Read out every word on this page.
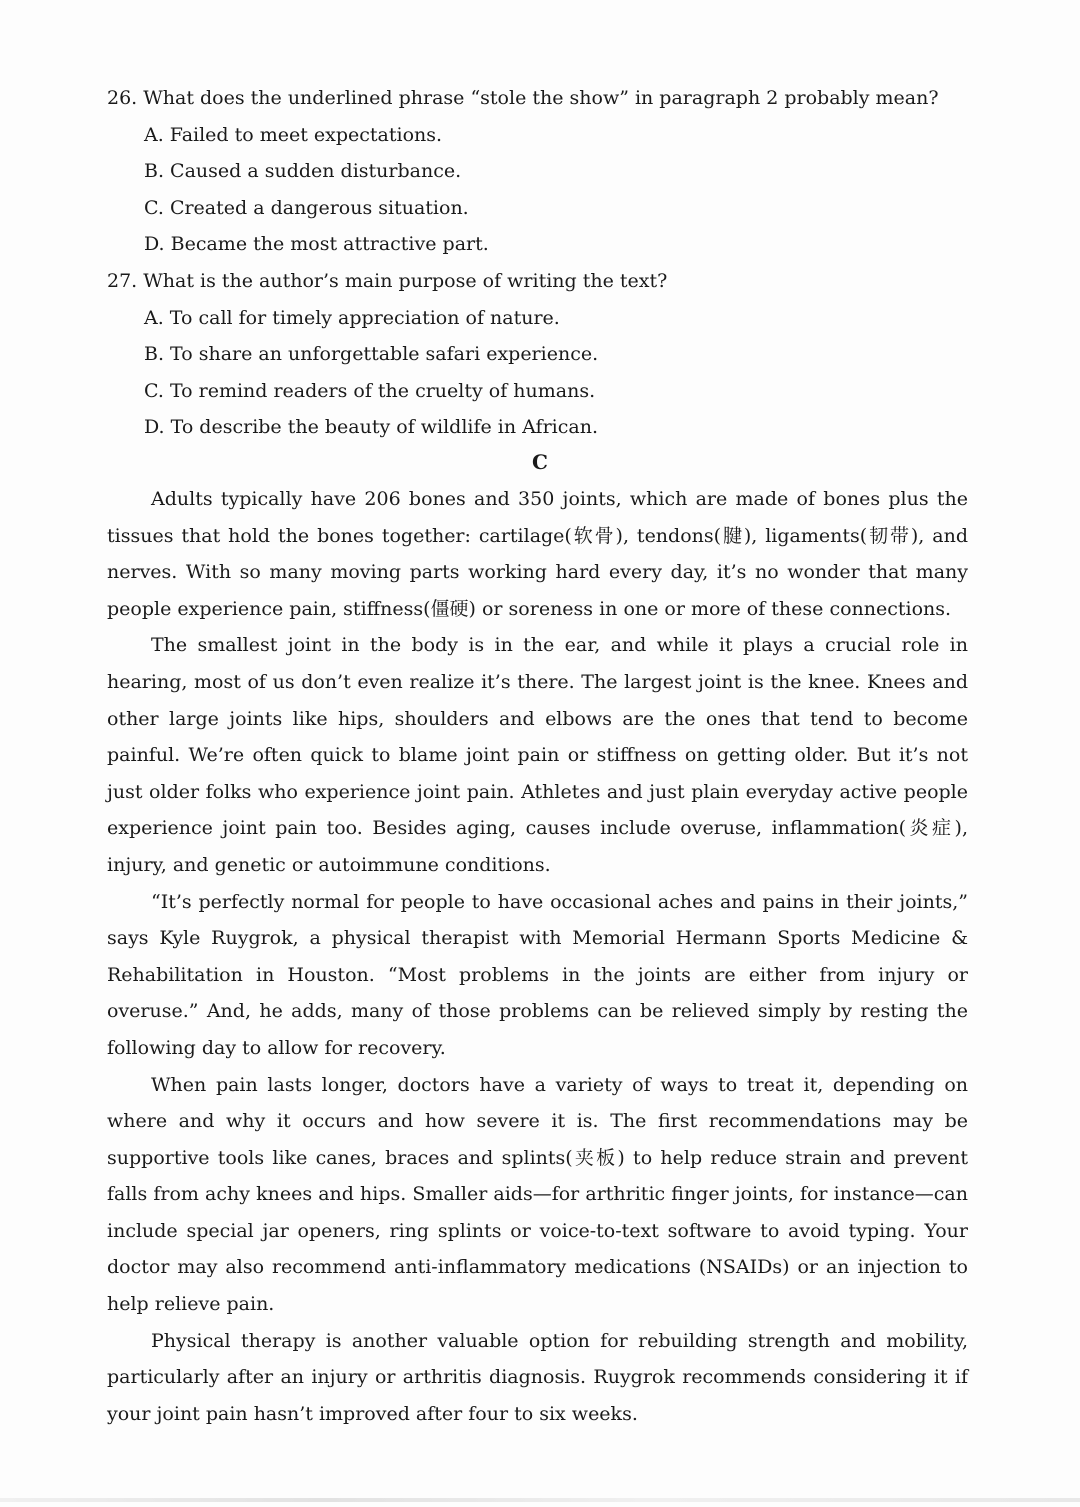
26. What does the underlined phrase “stole the show” in paragraph 2 probably mean?
A. Failed to meet expectations.
B. Caused a sudden disturbance.
C. Created a dangerous situation.
D. Became the most attractive part.
27. What is the author’s main purpose of writing the text?
A. To call for timely appreciation of nature.
B. To share an unforgettable safari experience.
C. To remind readers of the cruelty of humans.
D. To describe the beauty of wildlife in African.
C

Adults typically have 206 bones and 350 joints, which are made of bones plus the tissues that hold the bones together: cartilage(软骨), tendons(腱), ligaments(韧带), and nerves. With so many moving parts working hard every day, it’s no wonder that many people experience pain, stiffness(僵硬) or soreness in one or more of these connections.

The smallest joint in the body is in the ear, and while it plays a crucial role in hearing, most of us don’t even realize it’s there. The largest joint is the knee. Knees and other large joints like hips, shoulders and elbows are the ones that tend to become painful. We’re often quick to blame joint pain or stiffness on getting older. But it’s not just older folks who experience joint pain. Athletes and just plain everyday active people experience joint pain too. Besides aging, causes include overuse, inflammation(炎症), injury, and genetic or autoimmune conditions.

“It’s perfectly normal for people to have occasional aches and pains in their joints,” says Kyle Ruygrok, a physical therapist with Memorial Hermann Sports Medicine & Rehabilitation in Houston. “Most problems in the joints are either from injury or overuse.” And, he adds, many of those problems can be relieved simply by resting the following day to allow for recovery.

When pain lasts longer, doctors have a variety of ways to treat it, depending on where and why it occurs and how severe it is. The first recommendations may be supportive tools like canes, braces and splints(夹板) to help reduce strain and prevent falls from achy knees and hips. Smaller aids—for arthritic finger joints, for instance—can include special jar openers, ring splints or voice-to-text software to avoid typing. Your doctor may also recommend anti-inflammatory medications (NSAIDs) or an injection to help relieve pain.

Physical therapy is another valuable option for rebuilding strength and mobility, particularly after an injury or arthritis diagnosis. Ruygrok recommends considering it if your joint pain hasn’t improved after four to six weeks.
